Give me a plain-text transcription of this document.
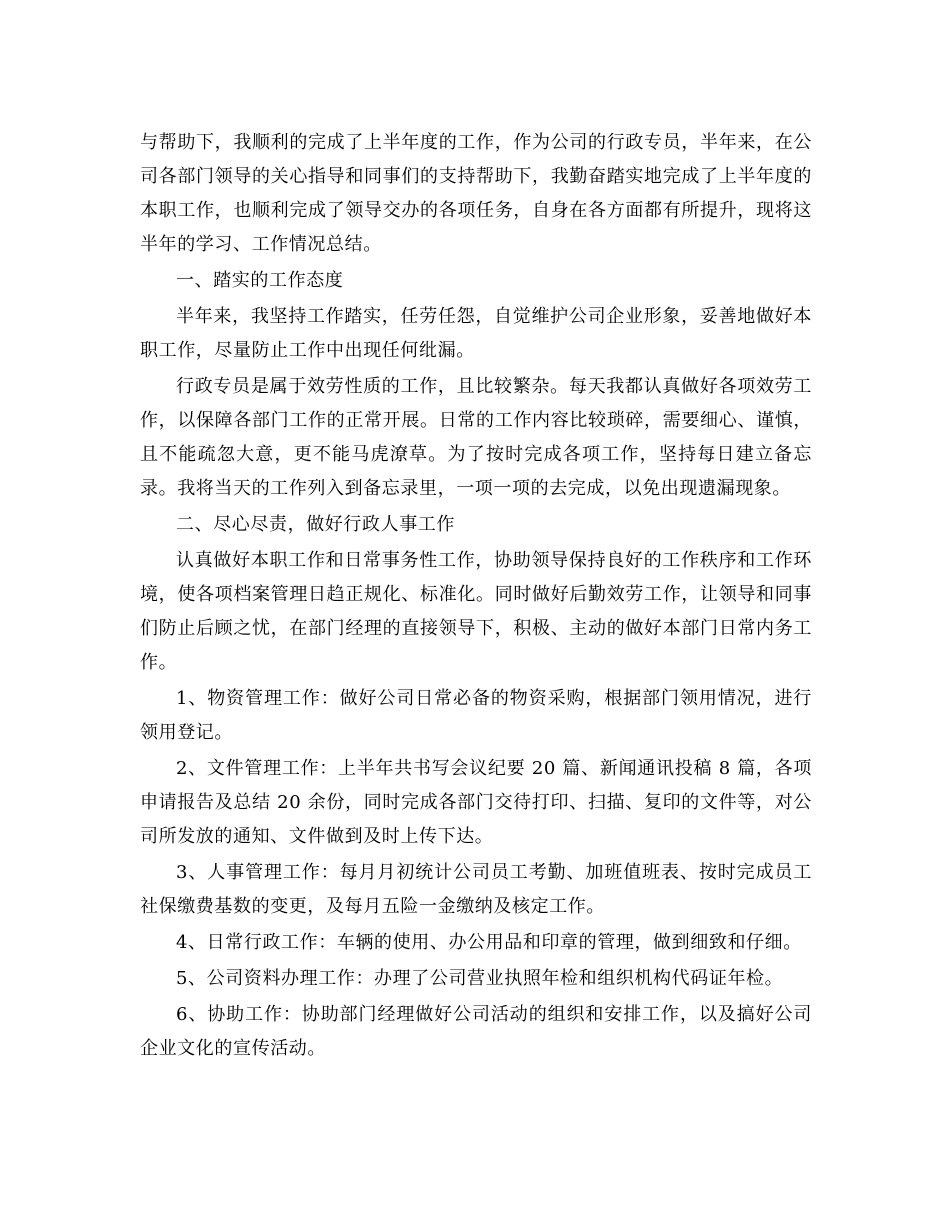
与帮助下，我顺利的完成了上半年度的工作，作为公司的行政专员，半年来，在公司各部门领导的关心指导和同事们的支持帮助下，我勤奋踏实地完成了上半年度的本职工作，也顺利完成了领导交办的各项任务，自身在各方面都有所提升，现将这半年的学习、工作情况总结。

一、踏实的工作态度

半年来，我坚持工作踏实，任劳任怨，自觉维护公司企业形象，妥善地做好本职工作，尽量防止工作中出现任何纰漏。

行政专员是属于效劳性质的工作，且比较繁杂。每天我都认真做好各项效劳工作，以保障各部门工作的正常开展。日常的工作内容比较琐碎，需要细心、谨慎，且不能疏忽大意，更不能马虎潦草。为了按时完成各项工作，坚持每日建立备忘录。我将当天的工作列入到备忘录里，一项一项的去完成，以免出现遗漏现象。

二、尽心尽责，做好行政人事工作

认真做好本职工作和日常事务性工作，协助领导保持良好的工作秩序和工作环境，使各项档案管理日趋正规化、标准化。同时做好后勤效劳工作，让领导和同事们防止后顾之忧，在部门经理的直接领导下，积极、主动的做好本部门日常内务工作。

1、物资管理工作：做好公司日常必备的物资采购，根据部门领用情况，进行领用登记。

2、文件管理工作：上半年共书写会议纪要 20 篇、新闻通讯投稿 8 篇，各项申请报告及总结 20 余份，同时完成各部门交待打印、扫描、复印的文件等，对公司所发放的通知、文件做到及时上传下达。

3、人事管理工作：每月月初统计公司员工考勤、加班值班表、按时完成员工社保缴费基数的变更，及每月五险一金缴纳及核定工作。

4、日常行政工作：车辆的使用、办公用品和印章的管理，做到细致和仔细。

5、公司资料办理工作：办理了公司营业执照年检和组织机构代码证年检。

6、协助工作：协助部门经理做好公司活动的组织和安排工作，以及搞好公司企业文化的宣传活动。
